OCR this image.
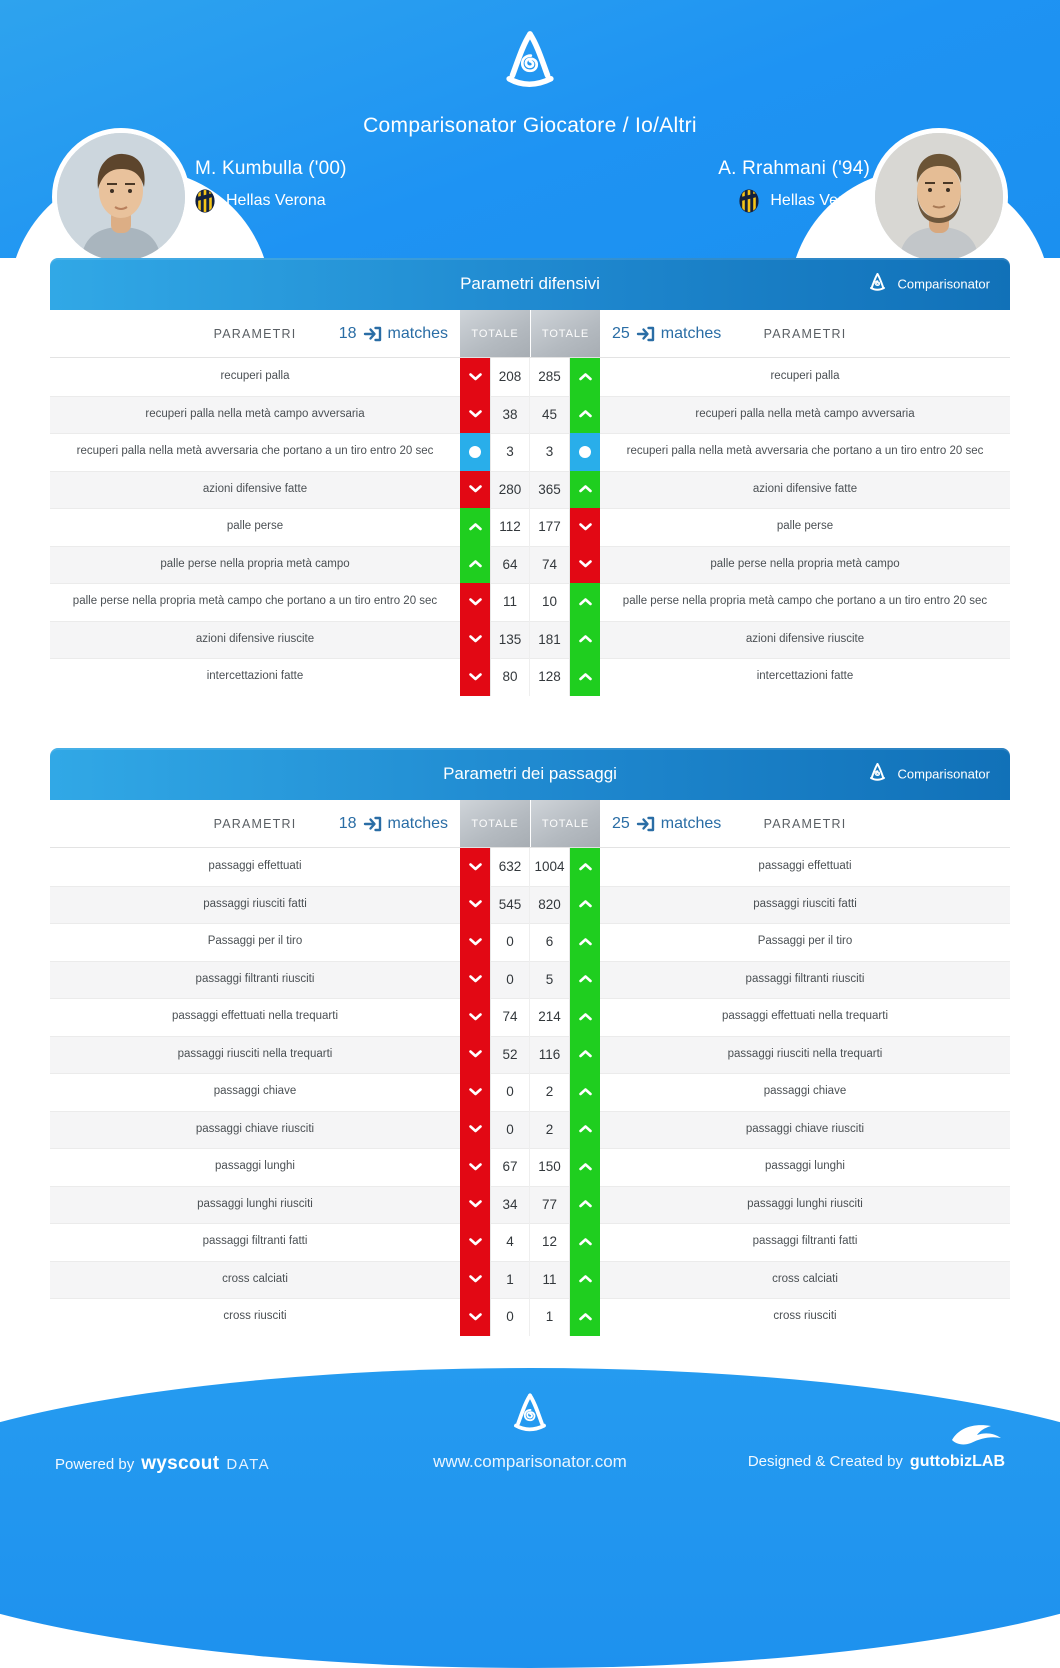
Comparisonator Giocatore / Io/Altri
M. Kumbulla ('00)
Hellas Verona
A. Rrahmani ('94)
Hellas Verona
Parametri difensivi	Comparisonator
PARAMETRI	18 matches	TOTALE	TOTALE	PARAMETRI
25 matches
recuperi palla	208	285	recuperi palla
recuperi palla nella metà campo avversaria	38	45	recuperi palla nella metà campo avversaria
recuperi palla nella metà avversaria che portano a un tiro entro 20 sec	3	3	recuperi palla nella metà avversaria che portano a un tiro entro 20 sec
azioni difensive fatte	280	365	azioni difensive fatte
palle perse	112	177	palle perse
palle perse nella propria metà campo	64	74	palle perse nella propria metà campo
palle perse nella propria metà campo che portano a un tiro entro 20 sec	11	10	palle perse nella propria metà campo che portano a un tiro entro 20 sec
azioni difensive riuscite	135	181	azioni difensive riuscite
intercettazioni fatte	80	128	intercettazioni fatte
Parametri dei passaggi	Comparisonator
PARAMETRI	18 matches	TOTALE	TOTALE	PARAMETRI
25 matches
passaggi effettuati	632 1004	passaggi effettuati
passaggi riusciti fatti	545	820	passaggi riusciti fatti
Passaggi per il tiro	0	6	Passaggi per il tiro
passaggi filtranti riusciti	0	5	passaggi filtranti riusciti
passaggi effettuati nella trequarti	74	214	passaggi effettuati nella trequarti
passaggi riusciti nella trequarti	52	116	passaggi riusciti nella trequarti
passaggi chiave	0	2	passaggi chiave
passaggi chiave riusciti	0	2	passaggi chiave riusciti
passaggi lunghi	67	150	passaggi lunghi
passaggi lunghi riusciti	34	77	passaggi lunghi riusciti
passaggi filtranti fatti	4	12	passaggi filtranti fatti
cross calciati	1	11	cross calciati
cross riusciti	0	1	cross riusciti
www.comparisonator.com
Powered by wyscout DATA	Designed & Created by guttobizLAB
